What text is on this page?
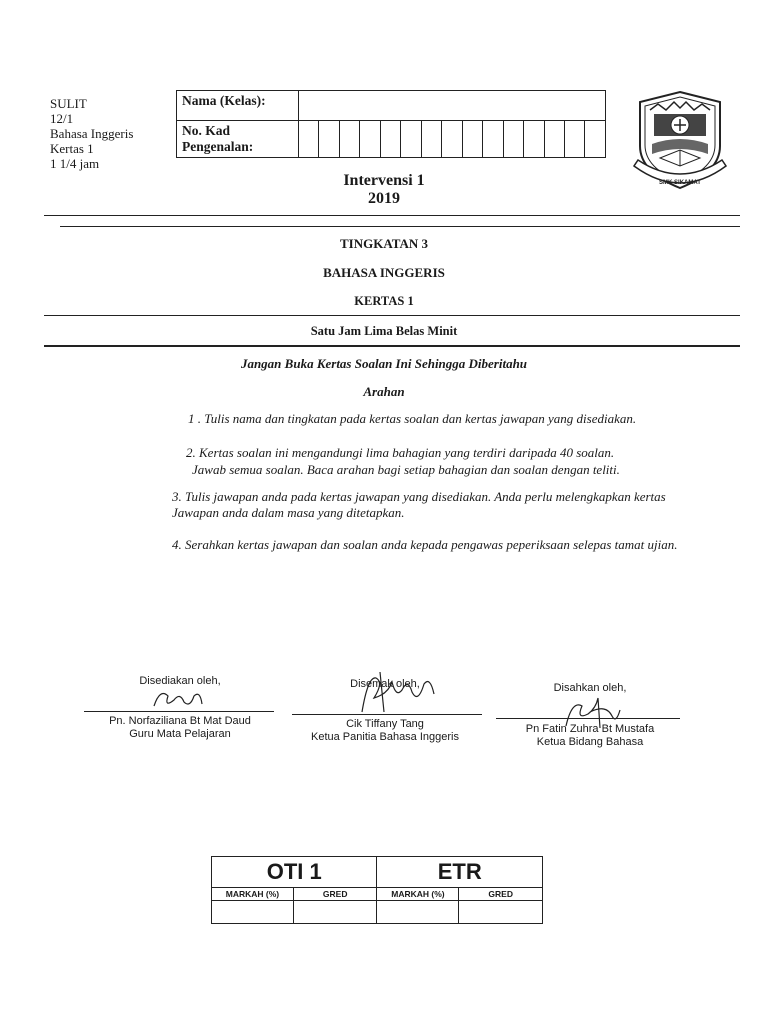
SULIT
12/1
Bahasa Inggeris
Kertas 1
1 1/4 jam
Nama (Kelas):															

No. Kad
Pengenalan:															

SMK SIKAMAT
Intervensi 1
2019
TINGKATAN 3
BAHASA INGGERIS
KERTAS 1
Satu Jam Lima Belas Minit
Jangan Buka Kertas Soalan Ini Sehingga Diberitahu
Arahan
1 . Tulis nama dan tingkatan pada kertas soalan dan kertas jawapan yang disediakan.
2. Kertas soalan ini mengandungi lima bahagian yang terdiri daripada 40 soalan.
Jawab semua soalan. Baca arahan bagi setiap bahagian dan soalan dengan teliti.
3. Tulis jawapan anda pada kertas jawapan yang disediakan. Anda perlu melengkapkan kertas
Jawapan anda dalam masa yang ditetapkan.
4. Serahkan kertas jawapan dan soalan anda kepada pengawas peperiksaan selepas tamat ujian.
Disediakan oleh,
Pn. Norfaziliana Bt Mat Daud
Guru Mata Pelajaran
Disemak oleh,
Cik Tiffany Tang
Ketua Panitia Bahasa Inggeris
Disahkan oleh,
Pn Fatin Zuhra Bt Mustafa
Ketua Bidang Bahasa
OTI 1		ETR	
MARKAH (%)	GRED	MARKAH (%)	GRED
